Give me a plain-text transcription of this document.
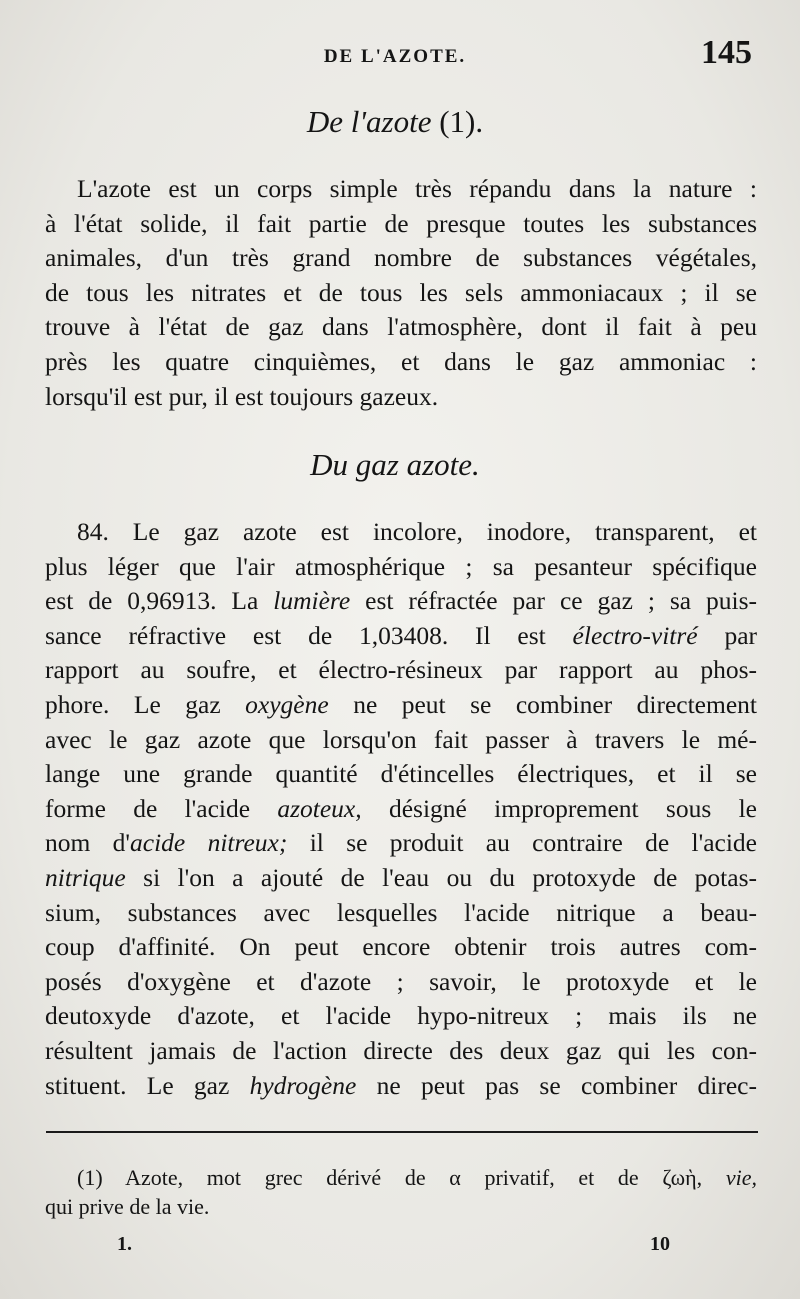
DE L'AZOTE.	145
De l'azote (1).

L'azote est un corps simple très répandu dans la nature :
à l'état solide, il fait partie de presque toutes les substances
animales, d'un très grand nombre de substances végétales,
de tous les nitrates et de tous les sels ammoniacaux ; il se
trouve à l'état de gaz dans l'atmosphère, dont il fait à peu
près les quatre cinquièmes, et dans le gaz ammoniac :
lorsqu'il est pur, il est toujours gazeux.

Du gaz azote.

84. Le gaz azote est incolore, inodore, transparent, et
plus léger que l'air atmosphérique ; sa pesanteur spécifique
est de 0,96913. La lumière est réfractée par ce gaz ; sa puis-
sance réfractive est de 1,03408. Il est électro-vitré par
rapport au soufre, et électro-résineux par rapport au phos-
phore. Le gaz oxygène ne peut se combiner directement
avec le gaz azote que lorsqu'on fait passer à travers le mé-
lange une grande quantité d'étincelles électriques, et il se
forme de l'acide azoteux, désigné improprement sous le
nom d'acide nitreux; il se produit au contraire de l'acide
nitrique si l'on a ajouté de l'eau ou du protoxyde de potas-
sium, substances avec lesquelles l'acide nitrique a beau-
coup d'affinité. On peut encore obtenir trois autres com-
posés d'oxygène et d'azote ; savoir, le protoxyde et le
deutoxyde d'azote, et l'acide hypo-nitreux ; mais ils ne
résultent jamais de l'action directe des deux gaz qui les con-
stituent. Le gaz hydrogène ne peut pas se combiner direc-

(1) Azote, mot grec dérivé de α privatif, et de ζωὴ, vie,
qui prive de la vie.

1.	10
